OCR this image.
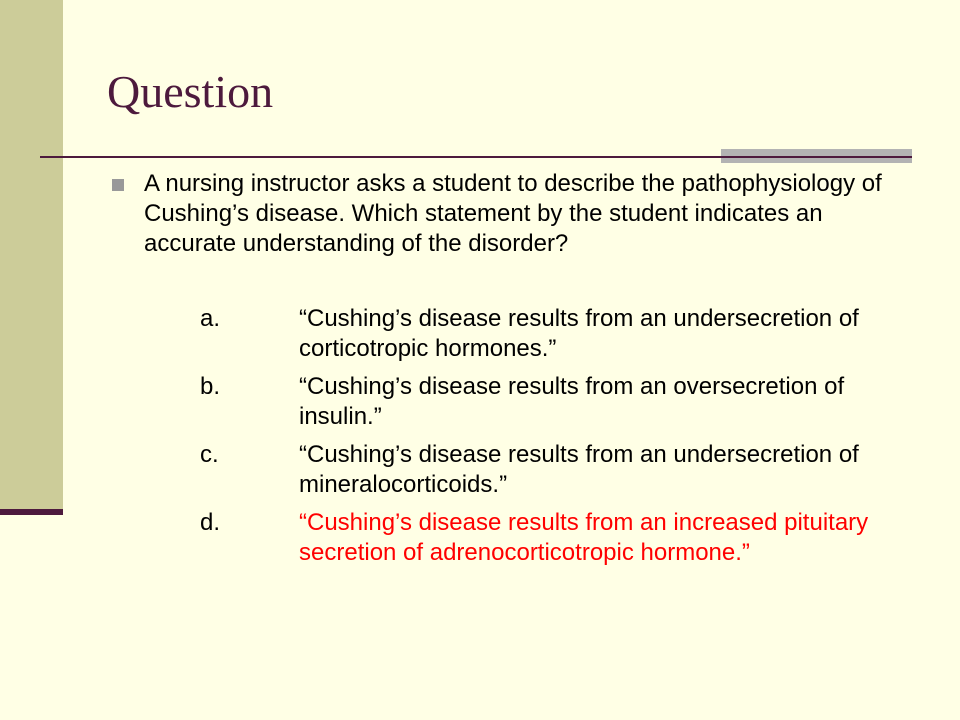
Question

A nursing instructor asks a student to describe the pathophysiology of Cushing’s disease. Which statement by the student indicates an accurate understanding of the disorder?

a.	“Cushing’s disease results from an undersecretion of corticotropic hormones.”
b.	“Cushing’s disease results from an oversecretion of insulin.”
c.	“Cushing’s disease results from an undersecretion of mineralocorticoids.”
d.	“Cushing’s disease results from an increased pituitary secretion of adrenocorticotropic hormone.”
